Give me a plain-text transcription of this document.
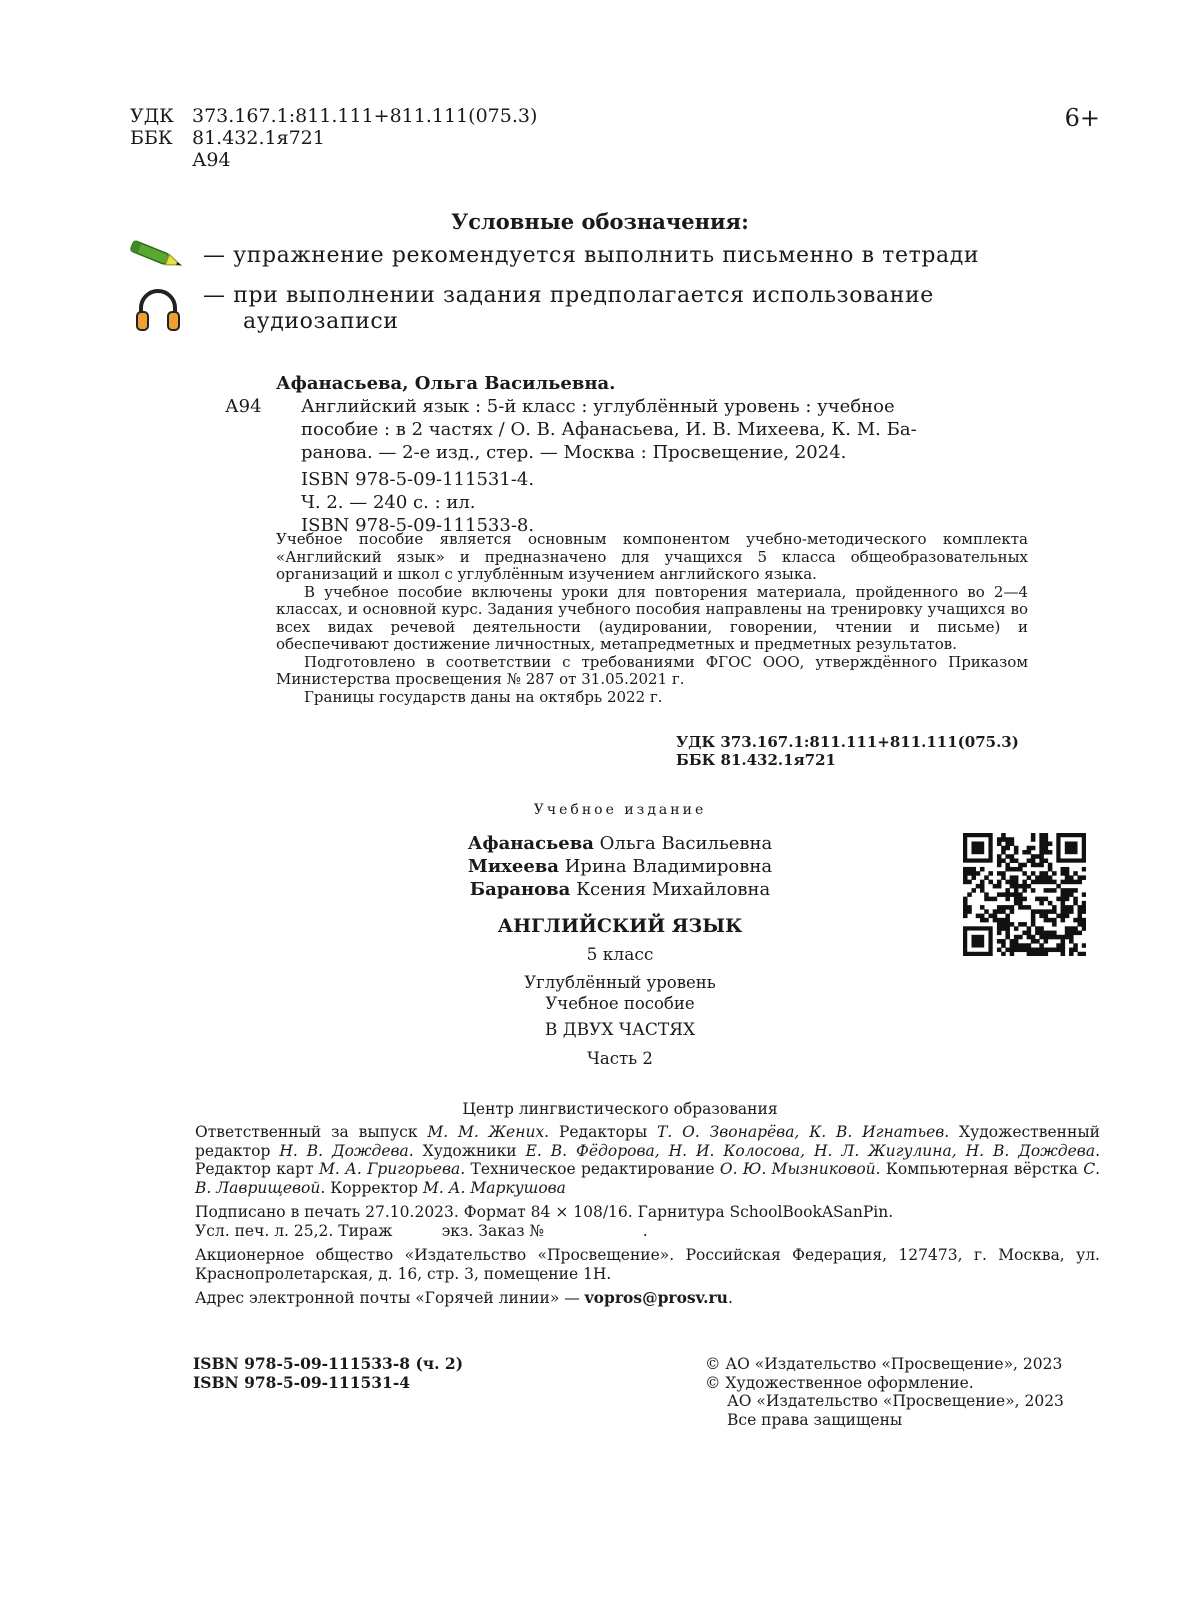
УДК 373.167.1:811.111+811.111(075.3)
ББК 81.432.1я721
А94
6+
Условные обозначения:
— упражнение рекомендуется выполнить письменно в тетради
— при выполнении задания предполагается использование
аудиозаписи
Афанасьева, Ольга Васильевна.
А94	Английский язык : 5-й класс : углублённый уровень : учебное
пособие : в 2 частях / О. В. Афанасьева, И. В. Михеева, К. М. Ба-
ранова. — 2-е изд., стер. — Москва : Просвещение, 2024.
ISBN 978-5-09-111531-4.
Ч. 2. — 240 с. : ил.
ISBN 978-5-09-111533-8.

Учебное пособие является основным компонентом учебно-методического комплекта «Английский язык» и предназначено для учащихся 5 класса общеобразовательных организаций и школ с углублённым изучением английского языка.

В учебное пособие включены уроки для повторения материала, пройденного во 2—4 классах, и основной курс. Задания учебного пособия направлены на тренировку учащихся во всех видах речевой деятельности (аудировании, говорении, чтении и письме) и обеспечивают достижение личностных, метапредметных и предметных результатов.

Подготовлено в соответствии с требованиями ФГОС ООО, утверждённого Приказом Министерства просвещения № 287 от 31.05.2021 г.

Границы государств даны на октябрь 2022 г.

УДК 373.167.1:811.111+811.111(075.3)
ББК 81.432.1я721
Учебное издание
Афанасьева Ольга Васильевна
Михеева Ирина Владимировна
Баранова Ксения Михайловна
АНГЛИЙСКИЙ ЯЗЫК
5 класс
Углублённый уровень
Учебное пособие
В ДВУХ ЧАСТЯХ
Часть 2
Центр лингвистического образования

Ответственный за выпуск М. М. Жених. Редакторы Т. О. Звонарёва, К. В. Игнатьев. Художественный редактор Н. В. Дождева. Художники Е. В. Фёдорова, Н. И. Колосова, Н. Л. Жигулина, Н. В. Дождева. Редактор карт М. А. Григорьева. Техническое редактирование О. Ю. Мызниковой. Компьютерная вёрстка С. В. Лаврищевой. Корректор М. А. Маркушова

Подписано в печать 27.10.2023. Формат 84 × 108/16. Гарнитура SchoolBookASanPin.
Усл. печ. л. 25,2. Тираж          экз. Заказ №                    .

Акционерное общество «Издательство «Просвещение». Российская Федерация, 127473, г. Москва, ул. Краснопролетарская, д. 16, стр. 3, помещение 1Н.

Адрес электронной почты «Горячей линии» — vopros@prosv.ru.

ISBN 978-5-09-111533-8 (ч. 2)
ISBN 978-5-09-111531-4
© АО «Издательство «Просвещение», 2023
© Художественное оформление.
АО «Издательство «Просвещение», 2023
Все права защищены
